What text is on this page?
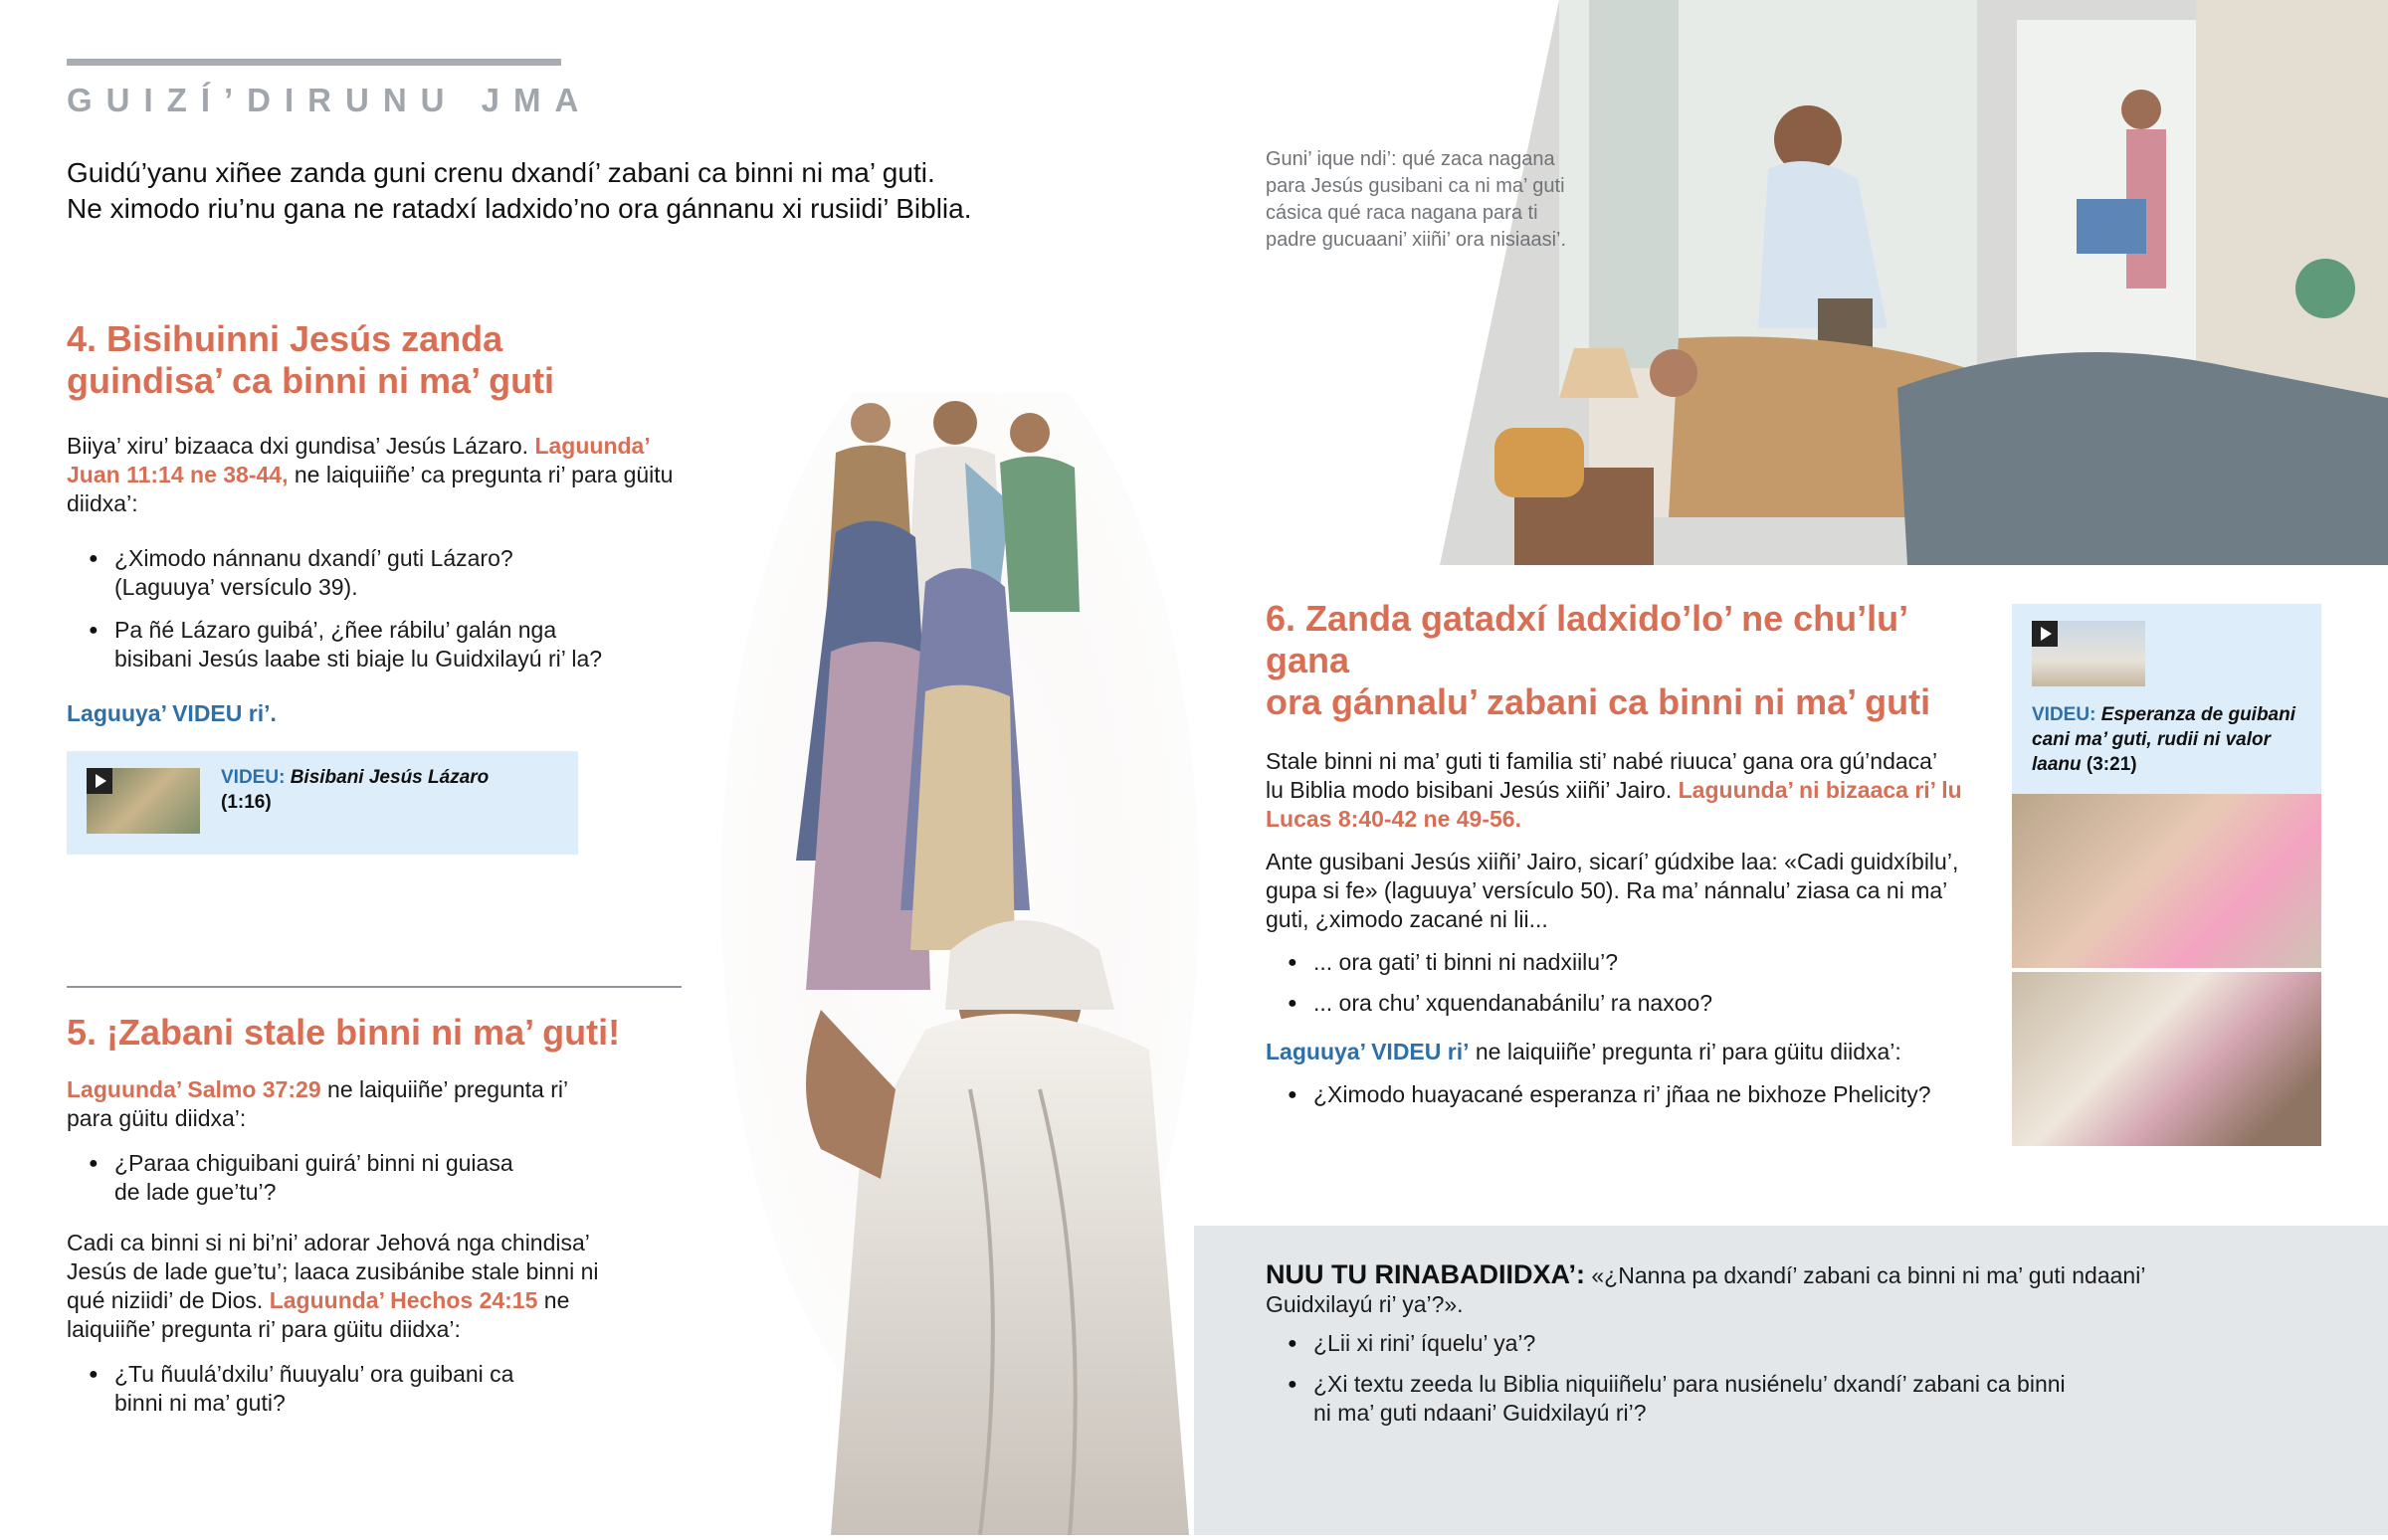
GUIZÍ’DIRUNU JMA

Guidú’yanu xiñee zanda guni crenu dxandí’ zabani ca binni ni ma’ guti.

Ne ximodo riu’nu gana ne ratadxí ladxido’no ora gánnanu xi rusiidi’ Biblia.

4. Bisihuinni Jesús zanda
guindisa’ ca binni ni ma’ guti

Biiya’ xiru’ bizaaca dxi gundisa’ Jesús Lázaro. Laguunda’ Juan 11:14 ne 38-44, ne laiquiiñe’ ca pregunta ri’ para güitu diidxa’:

● ¿Ximodo nánnanu dxandí’ guti Lázaro?
(Laguuya’ versículo 39).
● Pa ñé Lázaro guibá’, ¿ñee rábilu’ galán nga
bisibani Jesús laabe sti biaje lu Guidxilayú ri’ la?

Laguuya’ VIDEU ri’.

VIDEU: Bisibani Jesús Lázaro
(1:16)
5. ¡Zabani stale binni ni ma’ guti!

Laguunda’ Salmo 37:29 ne laiquiiñe’ pregunta ri’
para güitu diidxa’:

● ¿Paraa chiguibani guirá’ binni ni guiasa
de lade gue’tu’?

Cadi ca binni si ni bi’ni’ adorar Jehová nga chindisa’
Jesús de lade gue’tu’; laaca zusibánibe stale binni ni
qué niziidi’ de Dios. Laguunda’ Hechos 24:15 ne
laiquiiñe’ pregunta ri’ para güitu diidxa’:

● ¿Tu ñuulá’dxilu’ ñuuyalu’ ora guibani ca
binni ni ma’ guti?
Guni’ ique ndi’: qué zaca nagana
para Jesús gusibani ca ni ma’ guti
cásica qué raca nagana para ti
padre gucuaani’ xiiñi’ ora nisiaasi’.
6. Zanda gatadxí ladxido’lo’ ne chu’lu’ gana
ora gánnalu’ zabani ca binni ni ma’ guti

Stale binni ni ma’ guti ti familia sti’ nabé riuuca’ gana ora gú’ndaca’
lu Biblia modo bisibani Jesús xiiñi’ Jairo. Laguunda’ ni bizaaca ri’ lu
Lucas 8:40-42 ne 49-56.

Ante gusibani Jesús xiiñi’ Jairo, sicarí’ gúdxibe laa: «Cadi guidxíbilu’,
gupa si fe» (laguuya’ versículo 50). Ra ma’ nánnalu’ ziasa ca ni ma’
guti, ¿ximodo zacané ni lii...

● ... ora gati’ ti binni ni nadxiilu’?
● ... ora chu’ xquendanabánilu’ ra naxoo?

Laguuya’ VIDEU ri’ ne laiquiiñe’ pregunta ri’ para güitu diidxa’:

● ¿Ximodo huayacané esperanza ri’ jñaa ne bixhoze Phelicity?
VIDEU: Esperanza de guibani
cani ma’ guti, rudii ni valor
laanu (3:21)

NUU TU RINABADIIDXA’: «¿Nanna pa dxandí’ zabani ca binni ni ma’ guti ndaani’
Guidxilayú ri’ ya’?».

● ¿Lii xi rini’ íquelu’ ya’?
● ¿Xi textu zeeda lu Biblia niquiiñelu’ para nusiénelu’ dxandí’ zabani ca binni
ni ma’ guti ndaani’ Guidxilayú ri’?
